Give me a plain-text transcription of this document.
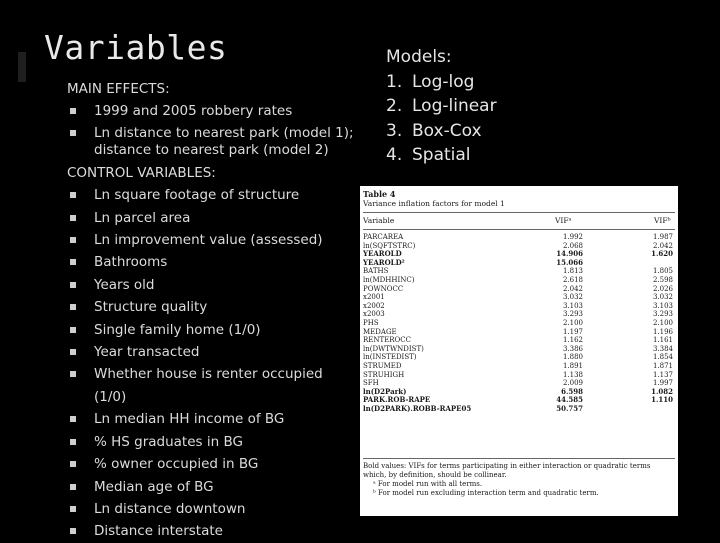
Variables
MAIN EFFECTS:
1999 and 2005 robbery rates
Ln distance to nearest park (model 1); distance to nearest park (model 2)
CONTROL VARIABLES:
Ln square footage of structure
Ln parcel area
Ln improvement value (assessed)
Bathrooms
Years old
Structure quality
Single family home (1/0)
Year transacted
Whether house is renter occupied (1/0)
Ln median HH income of BG
% HS graduates in BG
% owner occupied in BG
Median age of BG
Ln distance downtown
Distance interstate
Models:
1. Log-log
2. Log-linear
3. Box-Cox
4. Spatial
Table 4
Variance inflation factors for model 1
Variable	VIFᵃ	VIFᵇ
PARCAREA	1.992	1.987
ln(SQFTSTRC)	2.068	2.042
YEAROLD	14.906	1.620
YEAROLD²	15.066
BATHS	1.813	1.805
ln(MDHHINC)	2.618	2.598
POWNOCC	2.042	2.026
x2001	3.032	3.032
x2002	3.103	3.103
x2003	3.293	3.293
PHS	2.100	2.100
MEDAGE	1.197	1.196
RENTEROCC	1.162	1.161
ln(DWTWNDIST)	3.386	3.384
ln(INSTEDIST)	1.880	1.854
STRUMED	1.891	1.871
STRUHIGH	1.138	1.137
SFH	2.009	1.997
ln(D2Park)	6.598	1.082
PARK.ROB-RAPE	44.585	1.110
ln(D2PARK).ROBB-RAPE05	50.757
Bold values: VIFs for terms participating in either interaction or quadratic terms
which, by definition, should be collinear.
ᵃ For model run with all terms.
ᵇ For model run excluding interaction term and quadratic term.
